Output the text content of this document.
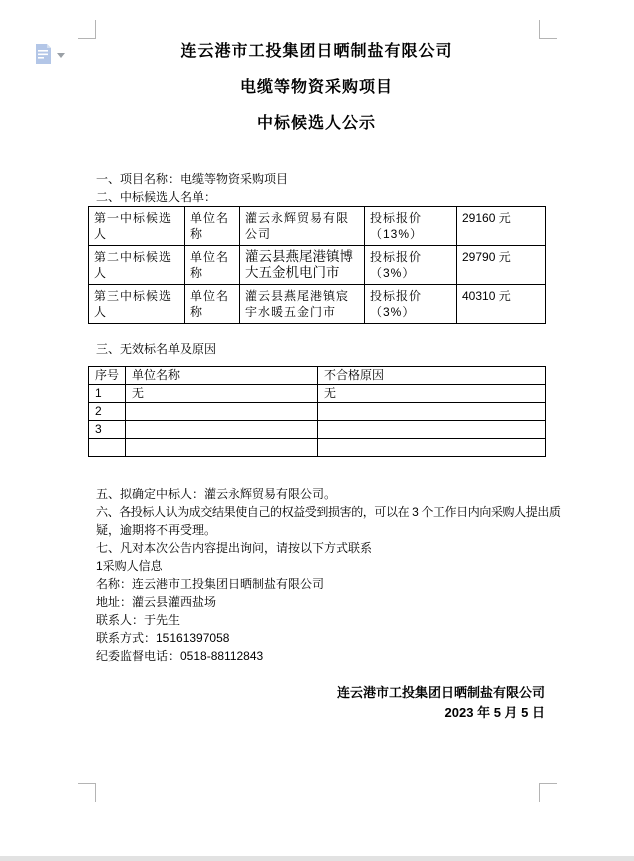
连云港市工投集团日晒制盐有限公司
电缆等物资采购项目
中标候选人公示
一、项目名称：电缆等物资采购项目
二、中标候选人名单：
第一中标候选人	单位名称	灌云永辉贸易有限公司	投标报价（13%）	29160 元
第二中标候选人	单位名称	灌云县燕尾港镇博大五金机电门市	投标报价（3%）	29790 元
第三中标候选人	单位名称	灌云县燕尾港镇宸宇水暖五金门市	投标报价（3%）	40310 元
三、无效标名单及原因
序号	单位名称	不合格原因
1	无	无
2		
3		

五、拟确定中标人：灌云永辉贸易有限公司。
六、各投标人认为成交结果使自己的权益受到损害的，可以在 3 个工作日内向采购人提出质
疑，逾期将不再受理。
七、凡对本次公告内容提出询问，请按以下方式联系
1采购人信息
名称：连云港市工投集团日晒制盐有限公司
地址：灌云县灌西盐场
联系人：于先生
联系方式：15161397058
纪委监督电话：0518-88112843
连云港市工投集团日晒制盐有限公司
2023 年 5 月 5 日
